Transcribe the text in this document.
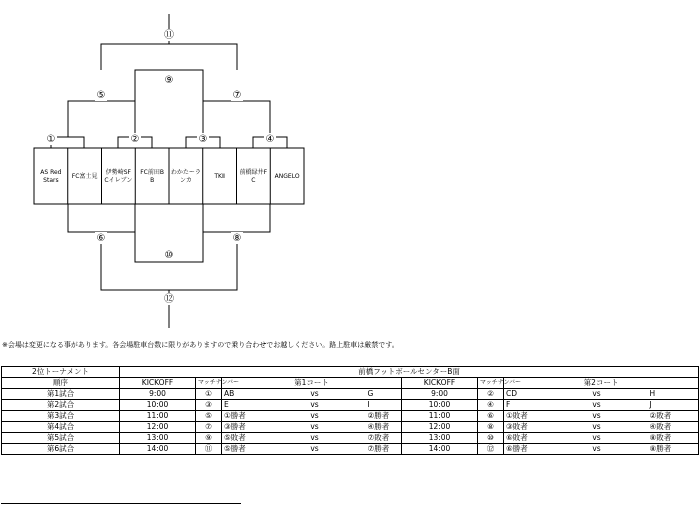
①	②	③	④
⑤	⑦
⑨
⑪
⑥	⑧
⑩
⑫
AS Red Stars
FC富士見
伊勢崎SF Cイレブン
FC前田B B
わかたーランカ
TKⅡ
前橋緑井F C
ANGELO
※会場は変更になる事があります。各会場駐車台数に限りがありますので乗り合わせでお越しください。路上駐車は厳禁です。
2位トーナメント	前橋フットボールセンターB面													
順序	KICKOFF	マッチナンバー	第1コート					KICKOFF	マッチナンバー	第2コート				
第1試合	9:00	①	AB		vs		G	9:00	②	CD		vs		H
第2試合	10:00	③	E		vs		I	10:00	④	F		vs		J
第3試合	11:00	⑤	①勝者		vs		②勝者	11:00	⑥	①敗者		vs		②敗者
第4試合	12:00	⑦	③勝者		vs		④勝者	12:00	⑧	③敗者		vs		④敗者
第5試合	13:00	⑨	⑤敗者		vs		⑦敗者	13:00	⑩	⑥敗者		vs		⑧敗者
第6試合	14:00	⑪	⑤勝者		vs		⑦勝者	14:00	⑫	⑥勝者		vs		⑧勝者
